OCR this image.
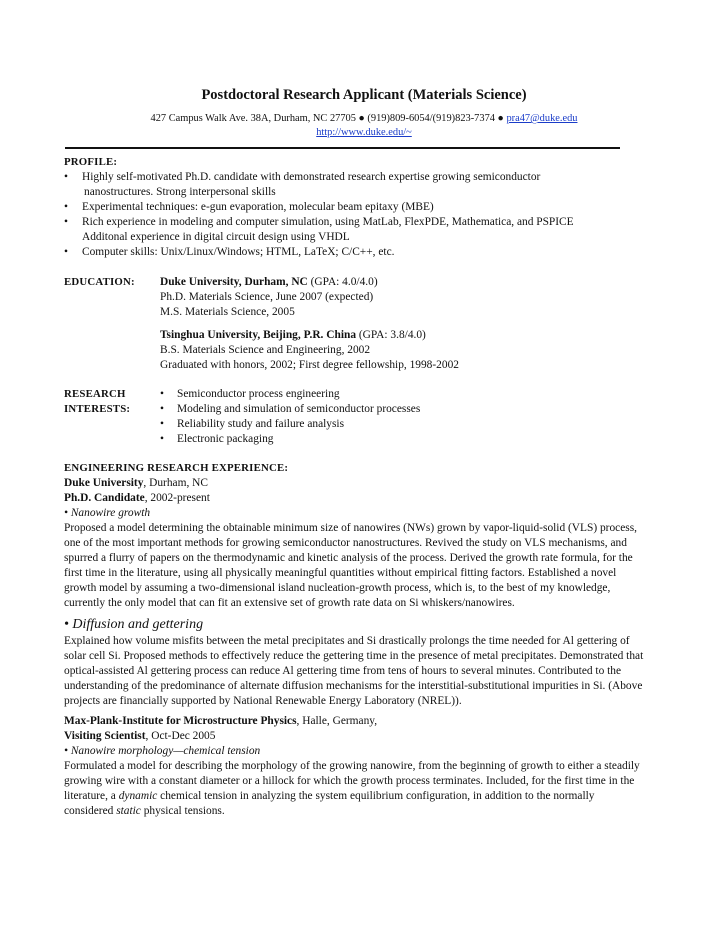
Postdoctoral Research Applicant (Materials Science)
427 Campus Walk Ave. 38A, Durham, NC 27705 ● (919)809-6054/(919)823-7374 ● pra47@duke.edu
http://www.duke.edu/~
PROFILE:
• Highly self-motivated Ph.D. candidate with demonstrated research expertise growing semiconductor
nanostructures. Strong interpersonal skills
• Experimental techniques: e-gun evaporation, molecular beam epitaxy (MBE)
• Rich experience in modeling and computer simulation, using MatLab, FlexPDE, Mathematica, and PSPICE
Additonal experience in digital circuit design using VHDL
• Computer skills: Unix/Linux/Windows; HTML, LaTeX; C/C++, etc.
EDUCATION: Duke University, Durham, NC (GPA: 4.0/4.0)
Ph.D. Materials Science, June 2007 (expected)
M.S. Materials Science, 2005
Tsinghua University, Beijing, P.R. China (GPA: 3.8/4.0)
B.S. Materials Science and Engineering, 2002
Graduated with honors, 2002; First degree fellowship, 1998-2002
RESEARCH
INTERESTS:
• Semiconductor process engineering
• Modeling and simulation of semiconductor processes
• Reliability study and failure analysis
• Electronic packaging
ENGINEERING RESEARCH EXPERIENCE:
Duke University, Durham, NC
Ph.D. Candidate, 2002-present
• Nanowire growth

Proposed a model determining the obtainable minimum size of nanowires (NWs) grown by vapor-liquid-solid (VLS) process, one of the most important methods for growing semiconductor nanostructures. Revived the study on VLS mechanisms, and spurred a flurry of papers on the thermodynamic and kinetic analysis of the process. Derived the growth rate formula, for the first time in the literature, using all physically meaningful quantities without empirical fitting factors. Established a novel growth model by assuming a two-dimensional island nucleation-growth process, which is, to the best of my knowledge, currently the only model that can fit an extensive set of growth rate data on Si whiskers/nanowires.

• Diffusion and gettering

Explained how volume misfits between the metal precipitates and Si drastically prolongs the time needed for Al gettering of solar cell Si. Proposed methods to effectively reduce the gettering time in the presence of metal precipitates. Demonstrated that optical-assisted Al gettering process can reduce Al gettering time from tens of hours to several minutes. Contributed to the understanding of the predominance of alternate diffusion mechanisms for the interstitial-substitutional impurities in Si. (Above projects are financially supported by National Renewable Energy Laboratory (NREL)).

Max-Plank-Institute for Microstructure Physics, Halle, Germany,
Visiting Scientist, Oct-Dec 2005
• Nanowire morphology—chemical tension

Formulated a model for describing the morphology of the growing nanowire, from the beginning of growth to either a steadily growing wire with a constant diameter or a hillock for which the growth process terminates. Included, for the first time in the literature, a dynamic chemical tension in analyzing the system equilibrium configuration, in addition to the normally considered static physical tensions.
